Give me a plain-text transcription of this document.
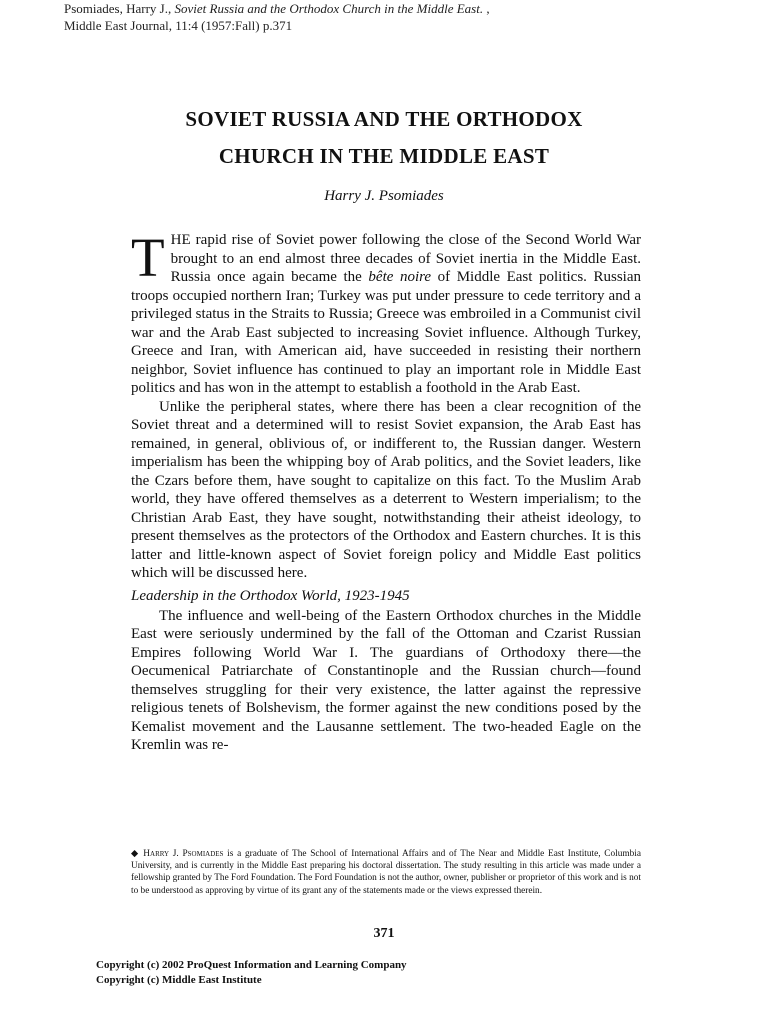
Psomiades, Harry J., Soviet Russia and the Orthodox Church in the Middle East. ,
Middle East Journal, 11:4 (1957:Fall) p.371
SOVIET RUSSIA AND THE ORTHODOX
CHURCH IN THE MIDDLE EAST
Harry J. Psomiades

THE rapid rise of Soviet power following the close of the Second World War brought to an end almost three decades of Soviet inertia in the Middle East. Russia once again became the bête noire of Middle East politics. Russian troops occupied northern Iran; Turkey was put under pressure to cede territory and a privileged status in the Straits to Russia; Greece was embroiled in a Communist civil war and the Arab East subjected to increasing Soviet influence. Although Turkey, Greece and Iran, with American aid, have succeeded in resisting their northern neighbor, Soviet influence has continued to play an important role in Middle East politics and has won in the attempt to establish a foothold in the Arab East.

Unlike the peripheral states, where there has been a clear recognition of the Soviet threat and a determined will to resist Soviet expansion, the Arab East has remained, in general, oblivious of, or indifferent to, the Russian danger. Western imperialism has been the whipping boy of Arab politics, and the Soviet leaders, like the Czars before them, have sought to capitalize on this fact. To the Muslim Arab world, they have offered themselves as a deterrent to Western imperialism; to the Christian Arab East, they have sought, notwithstanding their atheist ideology, to present themselves as the protectors of the Orthodox and Eastern churches. It is this latter and little-known aspect of Soviet foreign policy and Middle East politics which will be discussed here.

Leadership in the Orthodox World, 1923-1945

The influence and well-being of the Eastern Orthodox churches in the Middle East were seriously undermined by the fall of the Ottoman and Czarist Russian Empires following World War I. The guardians of Orthodoxy there—the Oecumenical Patriarchate of Constantinople and the Russian church—found themselves struggling for their very existence, the latter against the repressive religious tenets of Bolshevism, the former against the new conditions posed by the Kemalist movement and the Lausanne settlement. The two-headed Eagle on the Kremlin was re-

◆ Harry J. Psomiades is a graduate of The School of International Affairs and of The Near and Middle East Institute, Columbia University, and is currently in the Middle East preparing his doctoral dissertation. The study resulting in this article was made under a fellowship granted by The Ford Foundation. The Ford Foundation is not the author, owner, publisher or proprietor of this work and is not to be understood as approving by virtue of its grant any of the statements made or the views expressed therein.
371
Copyright (c) 2002 ProQuest Information and Learning Company
Copyright (c) Middle East Institute
